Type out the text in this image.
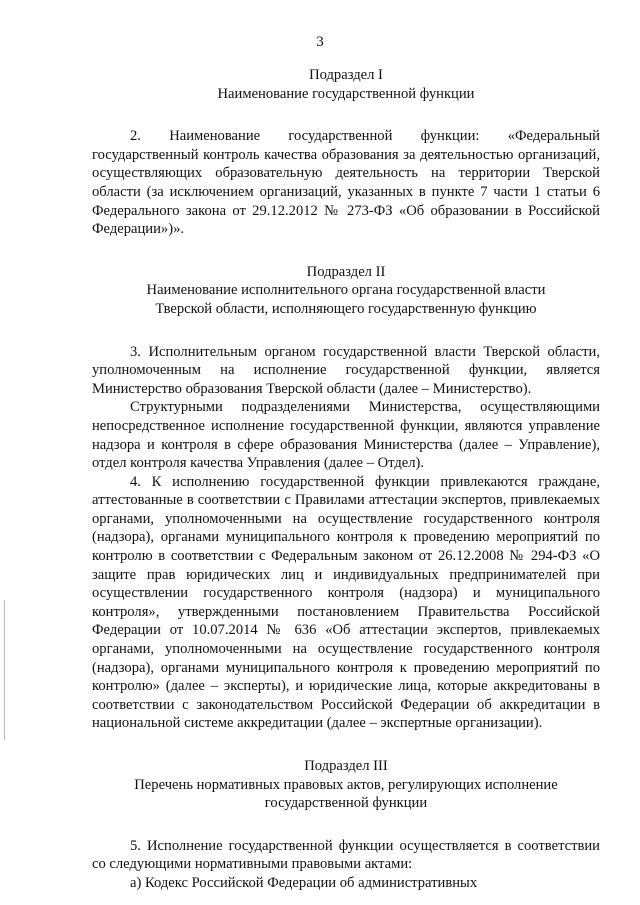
3
Подраздел I
Наименование государственной функции

2. Наименование государственной функции: «Федеральный государственный контроль качества образования за деятельностью организаций, осуществляющих образовательную деятельность на территории Тверской области (за исключением организаций, указанных в пункте 7 части 1 статьи 6 Федерального закона от 29.12.2012 № 273-ФЗ «Об образовании в Российской Федерации»)».

Подраздел II
Наименование исполнительного органа государственной власти
Тверской области, исполняющего государственную функцию

3. Исполнительным органом государственной власти Тверской области, уполномоченным на исполнение государственной функции, является Министерство образования Тверской области (далее – Министерство).

Структурными подразделениями Министерства, осуществляющими непосредственное исполнение государственной функции, являются управление надзора и контроля в сфере образования Министерства (далее – Управление), отдел контроля качества Управления (далее – Отдел).

4. К исполнению государственной функции привлекаются граждане, аттестованные в соответствии с Правилами аттестации экспертов, привлекаемых органами, уполномоченными на осуществление государственного контроля (надзора), органами муниципального контроля к проведению мероприятий по контролю в соответствии с Федеральным законом от 26.12.2008 № 294-ФЗ «О защите прав юридических лиц и индивидуальных предпринимателей при осуществлении государственного контроля (надзора) и муниципального контроля», утвержденными постановлением Правительства Российской Федерации от 10.07.2014 № 636 «Об аттестации экспертов, привлекаемых органами, уполномоченными на осуществление государственного контроля (надзора), органами муниципального контроля к проведению мероприятий по контролю» (далее – эксперты), и юридические лица, которые аккредитованы в соответствии с законодательством Российской Федерации об аккредитации в национальной системе аккредитации (далее – экспертные организации).

Подраздел III
Перечень нормативных правовых актов, регулирующих исполнение
государственной функции

5. Исполнение государственной функции осуществляется в соответствии со следующими нормативными правовыми актами:

а) Кодекс Российской Федерации об административных
